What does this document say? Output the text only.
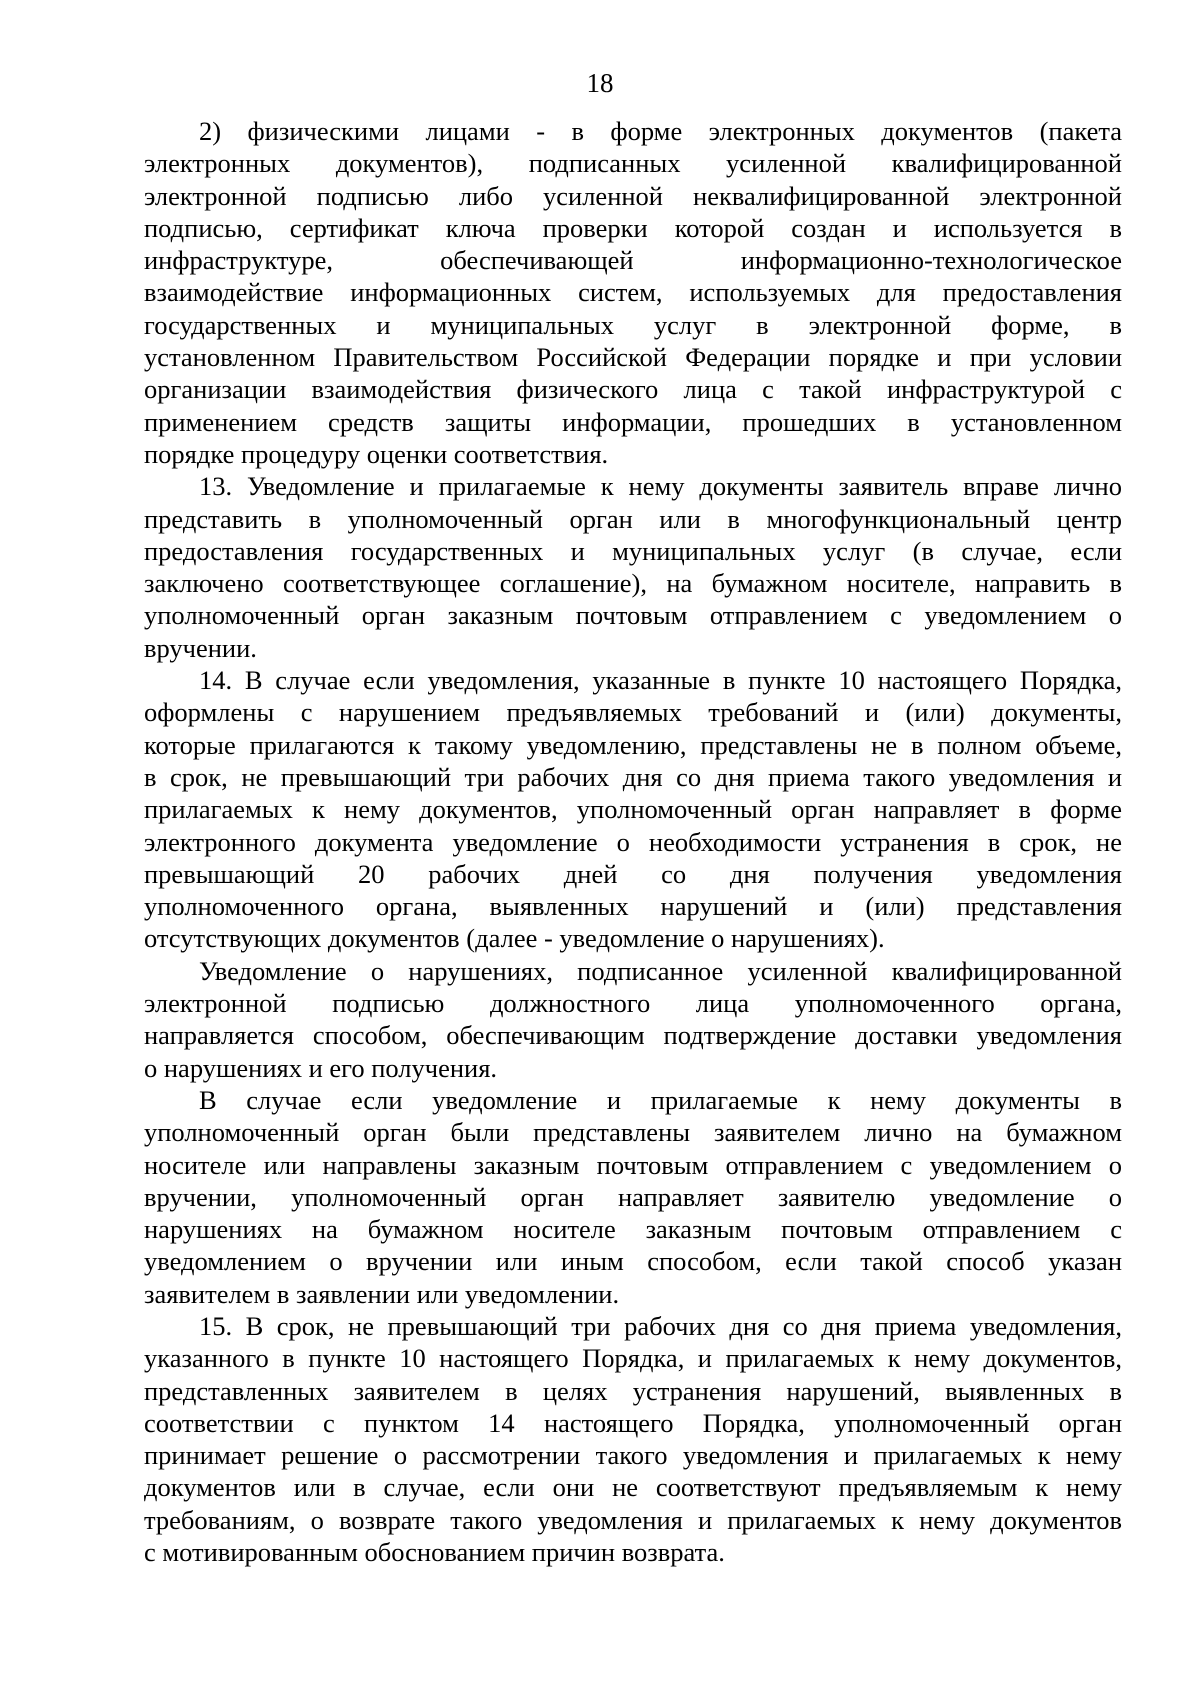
18
2) физическими лицами - в форме электронных документов (пакета
электронных документов), подписанных усиленной квалифицированной
электронной подписью либо усиленной неквалифицированной электронной
подписью, сертификат ключа проверки которой создан и используется в
инфраструктуре, обеспечивающей информационно-технологическое
взаимодействие информационных систем, используемых для предоставления
государственных и муниципальных услуг в электронной форме, в
установленном Правительством Российской Федерации порядке и при условии
организации взаимодействия физического лица с такой инфраструктурой с
применением средств защиты информации, прошедших в установленном
порядке процедуру оценки соответствия.
13. Уведомление и прилагаемые к нему документы заявитель вправе лично
представить в уполномоченный орган или в многофункциональный центр
предоставления государственных и муниципальных услуг (в случае, если
заключено соответствующее соглашение), на бумажном носителе, направить в
уполномоченный орган заказным почтовым отправлением с уведомлением о
вручении.
14. В случае если уведомления, указанные в пункте 10 настоящего Порядка,
оформлены с нарушением предъявляемых требований и (или) документы,
которые прилагаются к такому уведомлению, представлены не в полном объеме,
в срок, не превышающий три рабочих дня со дня приема такого уведомления и
прилагаемых к нему документов, уполномоченный орган направляет в форме
электронного документа уведомление о необходимости устранения в срок, не
превышающий 20 рабочих дней со дня получения уведомления
уполномоченного органа, выявленных нарушений и (или) представления
отсутствующих документов (далее - уведомление о нарушениях).
Уведомление о нарушениях, подписанное усиленной квалифицированной
электронной подписью должностного лица уполномоченного органа,
направляется способом, обеспечивающим подтверждение доставки уведомления
о нарушениях и его получения.
В случае если уведомление и прилагаемые к нему документы в
уполномоченный орган были представлены заявителем лично на бумажном
носителе или направлены заказным почтовым отправлением с уведомлением о
вручении, уполномоченный орган направляет заявителю уведомление о
нарушениях на бумажном носителе заказным почтовым отправлением с
уведомлением о вручении или иным способом, если такой способ указан
заявителем в заявлении или уведомлении.
15. В срок, не превышающий три рабочих дня со дня приема уведомления,
указанного в пункте 10 настоящего Порядка, и прилагаемых к нему документов,
представленных заявителем в целях устранения нарушений, выявленных в
соответствии с пунктом 14 настоящего Порядка, уполномоченный орган
принимает решение о рассмотрении такого уведомления и прилагаемых к нему
документов или в случае, если они не соответствуют предъявляемым к нему
требованиям, о возврате такого уведомления и прилагаемых к нему документов
с мотивированным обоснованием причин возврата.
